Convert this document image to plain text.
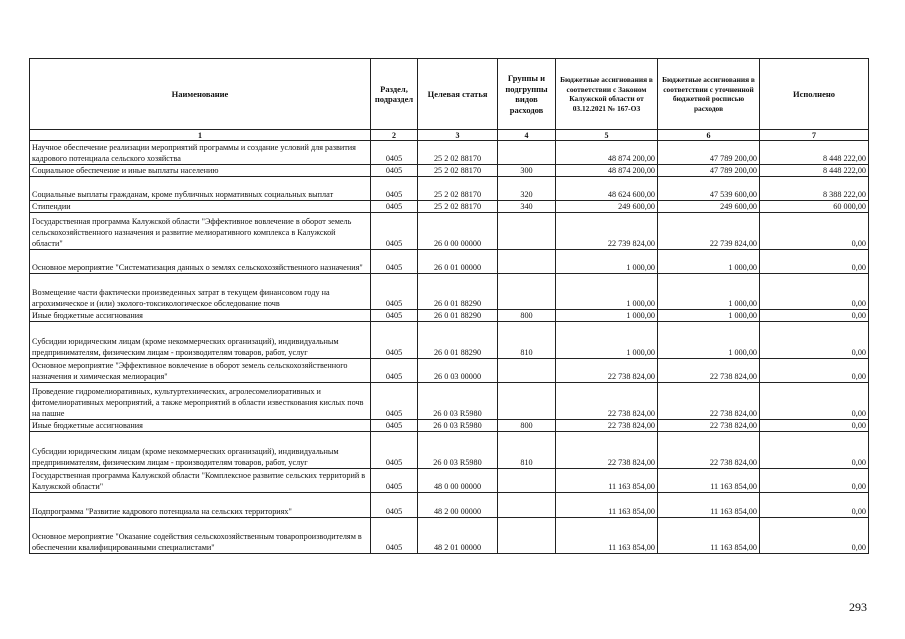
Наименование	Раздел, подраздел	Целевая статья	Группы и подгруппы видов расходов	Бюджетные ассигнования в соответствии с Законом Калужской области от 03.12.2021 № 167-ОЗ	Бюджетные ассигнования в соответствии с уточненной бюджетной росписью расходов	Исполнено
1	2	3	4	5	6	7
Научное обеспечение реализации мероприятий программы и создание условий для развития кадрового потенциала сельского хозяйства	0405	25 2 02 88170		48 874 200,00	47 789 200,00	8 448 222,00
Социальное обеспечение и иные выплаты населению	0405	25 2 02 88170	300	48 874 200,00	47 789 200,00	8 448 222,00
Социальные выплаты гражданам, кроме публичных нормативных социальных выплат	0405	25 2 02 88170	320	48 624 600,00	47 539 600,00	8 388 222,00
Стипендии	0405	25 2 02 88170	340	249 600,00	249 600,00	60 000,00
Государственная программа Калужской области "Эффективное вовлечение в оборот земель сельскохозяйственного назначения и развитие мелиоративного комплекса в Калужской области"	0405	26 0 00 00000		22 739 824,00	22 739 824,00	0,00
Основное мероприятие "Систематизация данных о землях сельскохозяйственного назначения"	0405	26 0 01 00000		1 000,00	1 000,00	0,00
Возмещение части фактически произведенных затрат в текущем финансовом году на агрохимическое и (или) эколого-токсикологическое обследование почв	0405	26 0 01 88290		1 000,00	1 000,00	0,00
Иные бюджетные ассигнования	0405	26 0 01 88290	800	1 000,00	1 000,00	0,00
Субсидии юридическим лицам (кроме некоммерческих организаций), индивидуальным предпринимателям, физическим лицам - производителям товаров, работ, услуг	0405	26 0 01 88290	810	1 000,00	1 000,00	0,00
Основное мероприятие "Эффективное вовлечение в оборот земель сельскохозяйственного назначения и химическая мелиорация"	0405	26 0 03 00000		22 738 824,00	22 738 824,00	0,00
Проведение гидромелиоративных, культуртехнических, агролесомелиоративных и фитомелиоративных мероприятий, а также мероприятий в области известкования кислых почв на пашне	0405	26 0 03 R5980		22 738 824,00	22 738 824,00	0,00
Иные бюджетные ассигнования	0405	26 0 03 R5980	800	22 738 824,00	22 738 824,00	0,00
Субсидии юридическим лицам (кроме некоммерческих организаций), индивидуальным предпринимателям, физическим лицам - производителям товаров, работ, услуг	0405	26 0 03 R5980	810	22 738 824,00	22 738 824,00	0,00
Государственная программа Калужской области "Комплексное развитие сельских территорий в Калужской области"	0405	48 0 00 00000		11 163 854,00	11 163 854,00	0,00
Подпрограмма "Развитие кадрового потенциала на сельских территориях"	0405	48 2 00 00000		11 163 854,00	11 163 854,00	0,00
Основное мероприятие "Оказание содействия сельскохозяйственным товаропроизводителям в обеспечении квалифицированными специалистами"	0405	48 2 01 00000		11 163 854,00	11 163 854,00	0,00
293
